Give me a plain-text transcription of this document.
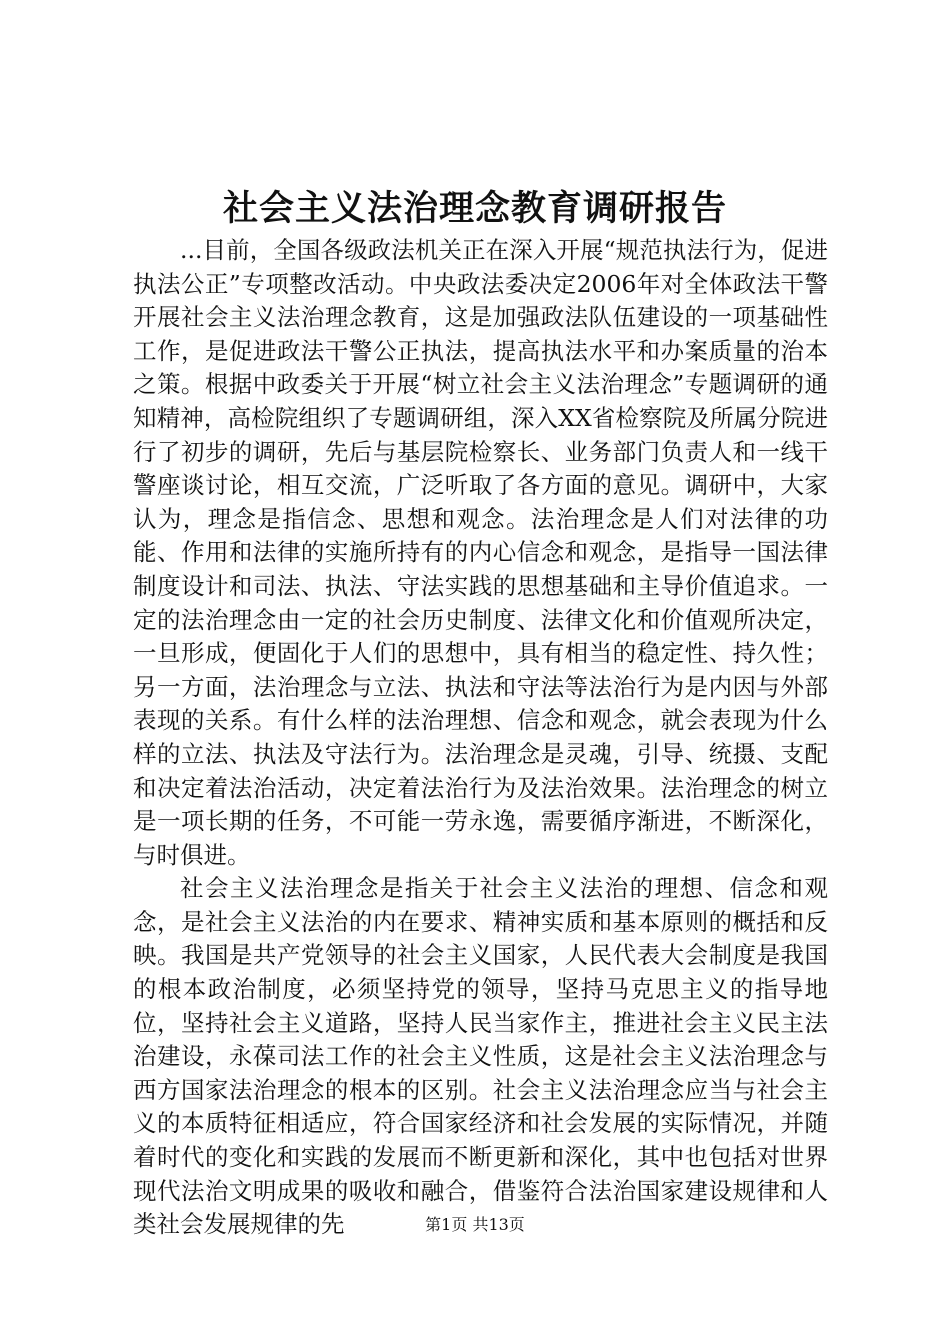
社会主义法治理念教育调研报告

...目前，全国各级政法机关正在深入开展“规范执法行为，促进执法公正”专项整改活动。中央政法委决定2006年对全体政法干警开展社会主义法治理念教育，这是加强政法队伍建设的一项基础性工作，是促进政法干警公正执法，提高执法水平和办案质量的治本之策。根据中政委关于开展“树立社会主义法治理念”专题调研的通知精神，高检院组织了专题调研组，深入XX省检察院及所属分院进行了初步的调研，先后与基层院检察长、业务部门负责人和一线干警座谈讨论，相互交流，广泛听取了各方面的意见。调研中，大家认为，理念是指信念、思想和观念。法治理念是人们对法律的功能、作用和法律的实施所持有的内心信念和观念，是指导一国法律制度设计和司法、执法、守法实践的思想基础和主导价值追求。一定的法治理念由一定的社会历史制度、法律文化和价值观所决定，一旦形成，便固化于人们的思想中，具有相当的稳定性、持久性；另一方面，法治理念与立法、执法和守法等法治行为是内因与外部表现的关系。有什么样的法治理想、信念和观念，就会表现为什么样的立法、执法及守法行为。法治理念是灵魂，引导、统摄、支配和决定着法治活动，决定着法治行为及法治效果。法治理念的树立是一项长期的任务，不可能一劳永逸，需要循序渐进，不断深化，与时俱进。

社会主义法治理念是指关于社会主义法治的理想、信念和观念，是社会主义法治的内在要求、精神实质和基本原则的概括和反映。我国是共产党领导的社会主义国家，人民代表大会制度是我国的根本政治制度，必须坚持党的领导，坚持马克思主义的指导地位，坚持社会主义道路，坚持人民当家作主，推进社会主义民主法治建设，永葆司法工作的社会主义性质，这是社会主义法治理念与西方国家法治理念的根本的区别。社会主义法治理念应当与社会主义的本质特征相适应，符合国家经济和社会发展的实际情况，并随着时代的变化和实践的发展而不断更新和深化，其中也包括对世界现代法治文明成果的吸收和融合，借鉴符合法治国家建设规律和人类社会发展规律的先	第1页 共13页
